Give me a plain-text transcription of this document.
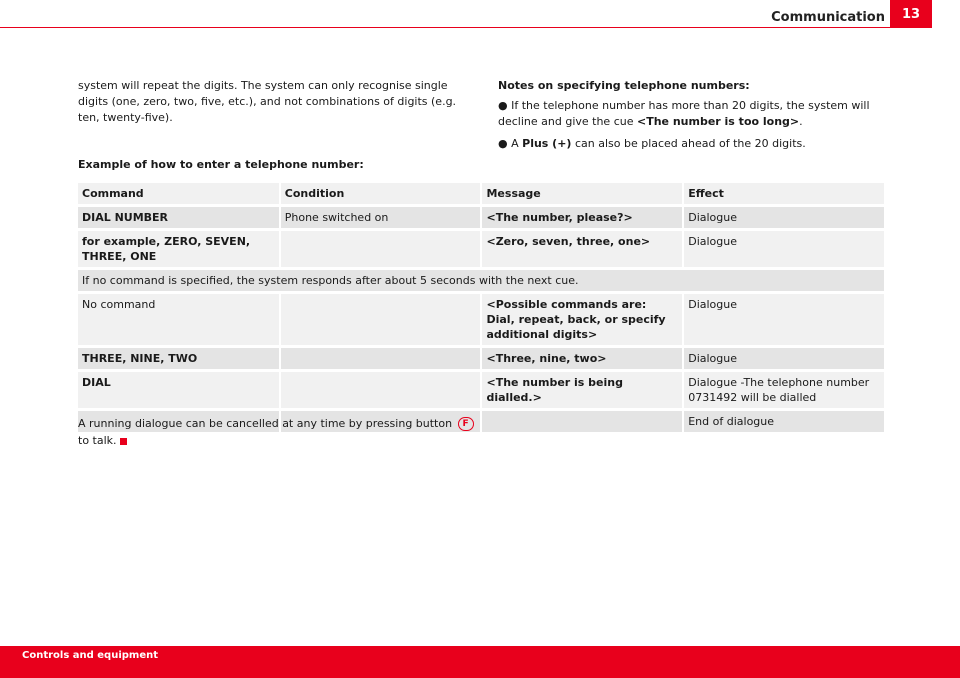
Communication	13

system will repeat the digits. The system can only recognise single digits (one, zero, two, five, etc.), and not combinations of digits (e.g. ten, twenty-five).

Notes on specifying telephone numbers:
● If the telephone number has more than 20 digits, the system will decline and give the cue <The number is too long>.
● A Plus (+) can also be placed ahead of the 20 digits.
Example of how to enter a telephone number:
Command	Condition	Message	Effect
DIAL NUMBER	Phone switched on	<The number, please?>	Dialogue
for example, ZERO, SEVEN, THREE, ONE		<Zero, seven, three, one>	Dialogue
If no command is specified, the system responds after about 5 seconds with the next cue.			
No command		<Possible commands are: Dial, repeat, back, or specify additional digits>	Dialogue
THREE, NINE, TWO		<Three, nine, two>	Dialogue
DIAL		<The number is being dialled.>	Dialogue -The telephone number 0731492 will be dialled
			End of dialogue
A running dialogue can be cancelled at any time by pressing button F to talk.
Controls and equipment
